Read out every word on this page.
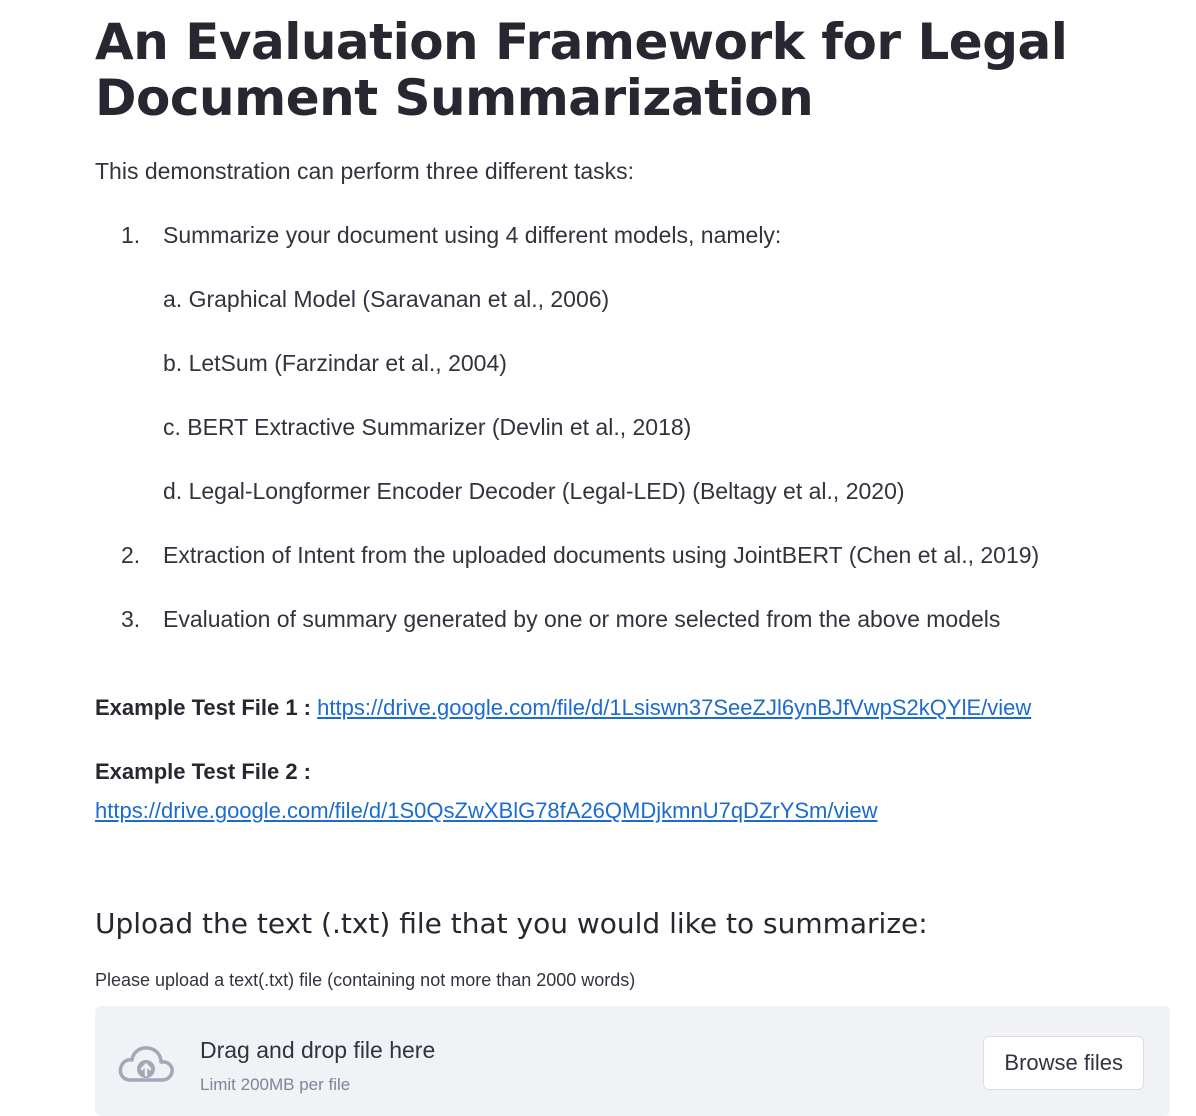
An Evaluation Framework for Legal Document Summarization

This demonstration can perform three different tasks:

1. Summarize your document using 4 different models, namely:
a. Graphical Model (Saravanan et al., 2006)
b. LetSum (Farzindar et al., 2004)
c. BERT Extractive Summarizer (Devlin et al., 2018)
d. Legal-Longformer Encoder Decoder (Legal-LED) (Beltagy et al., 2020)
2. Extraction of Intent from the uploaded documents using JointBERT (Chen et al., 2019)
3. Evaluation of summary generated by one or more selected from the above models
Example Test File 1 : https://drive.google.com/file/d/1Lsiswn37SeeZJl6ynBJfVwpS2kQYlE/view
Example Test File 2 :
https://drive.google.com/file/d/1S0QsZwXBlG78fA26QMDjkmnU7qDZrYSm/view
Upload the text (.txt) file that you would like to summarize:
Please upload a text(.txt) file (containing not more than 2000 words)
Drag and drop file here
Limit 200MB per file
Browse files
